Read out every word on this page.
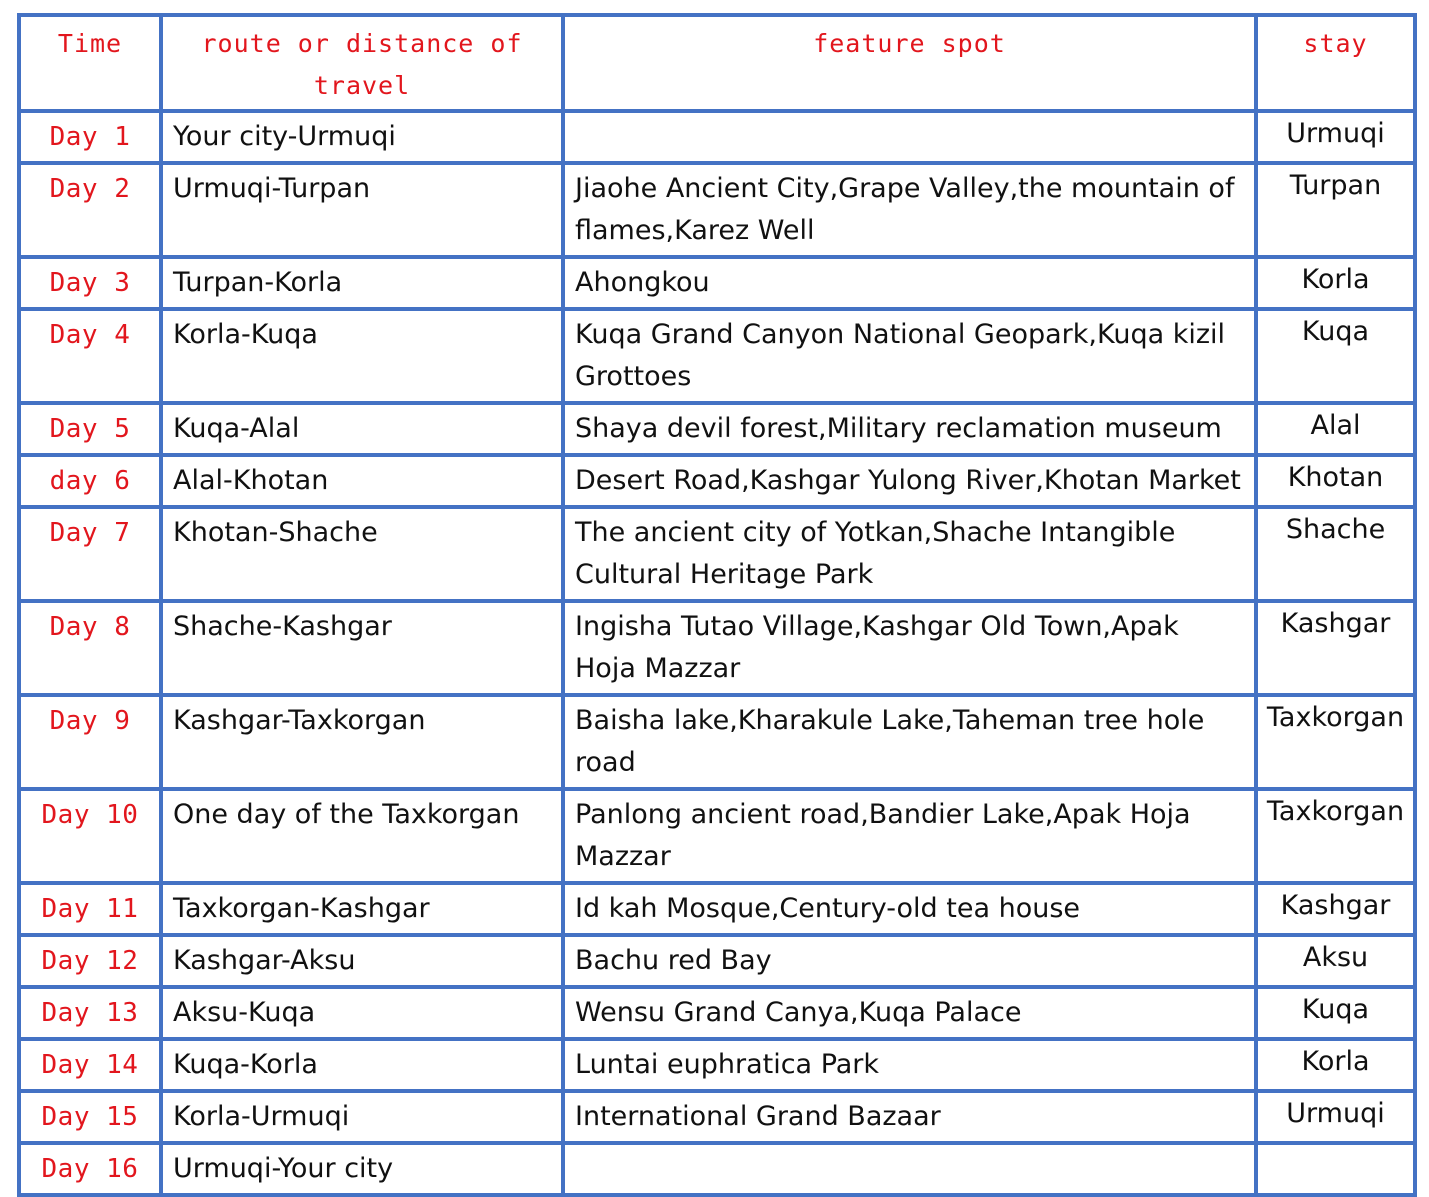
Time	route or distance of travel	feature spot	stay
Day 1	Your city-Urmuqi		Urmuqi
Day 2	Urmuqi-Turpan	Jiaohe Ancient City,Grape Valley,the mountain of flames,Karez Well	Turpan
Day 3	Turpan-Korla	Ahongkou	Korla
Day 4	Korla-Kuqa	Kuqa Grand Canyon National Geopark,Kuqa kizil Grottoes	Kuqa
Day 5	Kuqa-Alal	Shaya devil forest,Military reclamation museum	Alal
day 6	Alal-Khotan	Desert Road,Kashgar Yulong River,Khotan Market	Khotan
Day 7	Khotan-Shache	The ancient city of Yotkan,Shache Intangible Cultural Heritage Park	Shache
Day 8	Shache-Kashgar	Ingisha Tutao Village,Kashgar Old Town,Apak Hoja Mazzar	Kashgar
Day 9	Kashgar-Taxkorgan	Baisha lake,Kharakule Lake,Taheman tree hole road	Taxkorgan
Day 10	One day of the Taxkorgan	Panlong ancient road,Bandier Lake,Apak Hoja Mazzar	Taxkorgan
Day 11	Taxkorgan-Kashgar	Id kah Mosque,Century-old tea house	Kashgar
Day 12	Kashgar-Aksu	Bachu red Bay	Aksu
Day 13	Aksu-Kuqa	Wensu Grand Canya,Kuqa Palace	Kuqa
Day 14	Kuqa-Korla	Luntai euphratica Park	Korla
Day 15	Korla-Urmuqi	International Grand Bazaar	Urmuqi
Day 16	Urmuqi-Your city		
